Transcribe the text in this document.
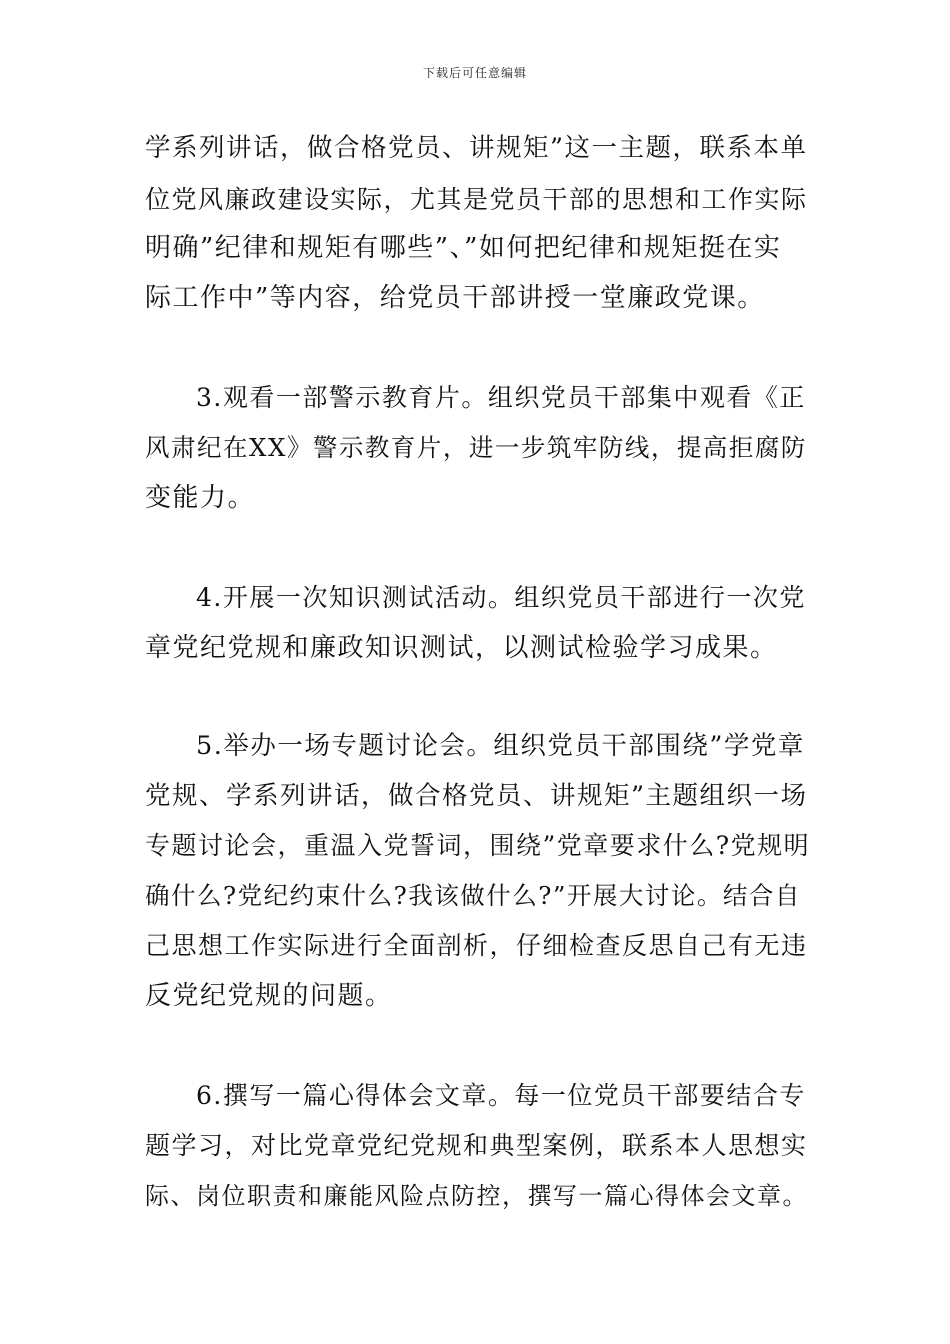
下载后可任意编辑
学系列讲话，做合格党员、讲规矩”这一主题，联系本单
位党风廉政建设实际，尤其是党员干部的思想和工作实际
明确”纪律和规矩有哪些”、”如何把纪律和规矩挺在实
际工作中”等内容，给党员干部讲授一堂廉政党课。
3.观看一部警示教育片。组织党员干部集中观看《正
风肃纪在XX》警示教育片，进一步筑牢防线，提高拒腐防
变能力。
4.开展一次知识测试活动。组织党员干部进行一次党
章党纪党规和廉政知识测试，以测试检验学习成果。
5.举办一场专题讨论会。组织党员干部围绕”学党章
党规、学系列讲话，做合格党员、讲规矩”主题组织一场
专题讨论会，重温入党誓词，围绕”党章要求什么?党规明
确什么?党纪约束什么?我该做什么?”开展大讨论。结合自
己思想工作实际进行全面剖析，仔细检查反思自己有无违
反党纪党规的问题。
6.撰写一篇心得体会文章。每一位党员干部要结合专
题学习，对比党章党纪党规和典型案例，联系本人思想实
际、岗位职责和廉能风险点防控，撰写一篇心得体会文章。
